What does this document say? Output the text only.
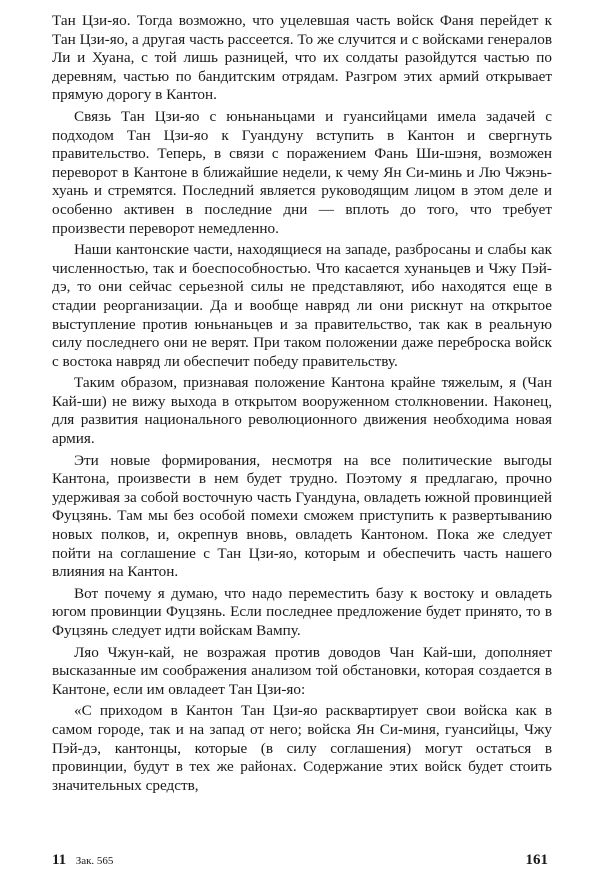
Тан Цзи-яо. Тогда возможно, что уцелевшая часть войск Фаня перейдет к Тан Цзи-яо, а другая часть рассеется. То же случится и с войсками генералов Ли и Хуана, с той лишь разницей, что их солдаты разойдутся частью по деревням, частью по бандитским отрядам. Разгром этих армий открывает прямую дорогу в Кантон.

Связь Тан Цзи-яо с юньнаньцами и гуансийцами имела задачей с подходом Тан Цзи-яо к Гуандуну вступить в Кантон и свергнуть правительство. Теперь, в связи с поражением Фань Ши-шэня, возможен переворот в Кантоне в ближайшие недели, к чему Ян Си-минь и Лю Чжэнь-хуань и стремятся. Последний является руководящим лицом в этом деле и особенно активен в последние дни — вплоть до того, что требует произвести переворот немедленно.

Наши кантонские части, находящиеся на западе, разбросаны и слабы как численностью, так и боеспособностью. Что касается хунаньцев и Чжу Пэй-дэ, то они сейчас серьезной силы не представляют, ибо находятся еще в стадии реорганизации. Да и вообще навряд ли они рискнут на открытое выступление против юньнаньцев и за правительство, так как в реальную силу последнего они не верят. При таком положении даже переброска войск с востока навряд ли обеспечит победу правительству.

Таким образом, признавая положение Кантона крайне тяжелым, я (Чан Кай-ши) не вижу выхода в открытом вооруженном столкновении. Наконец, для развития национального революционного движения необходима новая армия.

Эти новые формирования, несмотря на все политические выгоды Кантона, произвести в нем будет трудно. Поэтому я предлагаю, прочно удерживая за собой восточную часть Гуандуна, овладеть южной провинцией Фуцзянь. Там мы без особой помехи сможем приступить к развертыванию новых полков, и, окрепнув вновь, овладеть Кантоном. Пока же следует пойти на соглашение с Тан Цзи-яо, которым и обеспечить часть нашего влияния на Кантон.

Вот почему я думаю, что надо переместить базу к востоку и овладеть югом провинции Фуцзянь. Если последнее предложение будет принято, то в Фуцзянь следует идти войскам Вампу.

Ляо Чжун-кай, не возражая против доводов Чан Кай-ши, дополняет высказанные им соображения анализом той обстановки, которая создается в Кантоне, если им овладеет Тан Цзи-яо:

«С приходом в Кантон Тан Цзи-яо расквартирует свои войска как в самом городе, так и на запад от него; войска Ян Си-миня, гуансийцы, Чжу Пэй-дэ, кантонцы, которые (в силу соглашения) могут остаться в провинции, будут в тех же районах. Содержание этих войск будет стоить значительных средств,

11 Зак. 565	161
